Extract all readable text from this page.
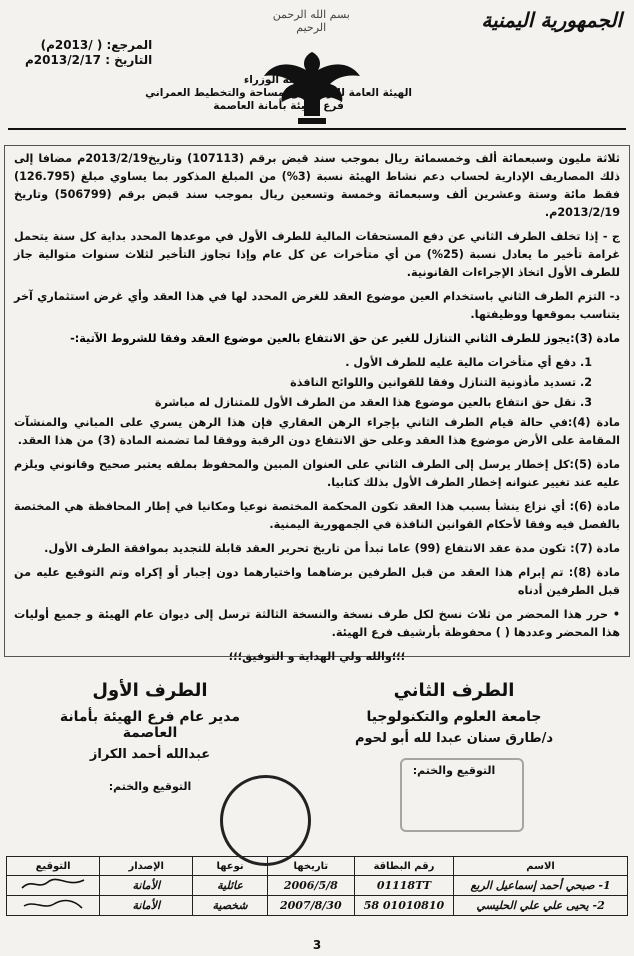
الجمهورية اليمنية
بسم الله الرحمن الرحيم
المرجع: ( /2013م)
التاريخ : 2013/2/17م
رئاسة الوزراء
الهيئة العامة للأراضي والمساحة والتخطيط العمراني
فرع الهيئة بأمانة العاصمة

ثلاثة مليون وسبعمائة ألف وخمسمائة ريال بموجب سند قبض برقم (107113) وتاريخ2013/2/19م مضافا إلى ذلك المصاريف الإدارية لحساب دعم نشاط الهيئة نسبة (3%) من المبلغ المذكور بما يساوي مبلغ (126.795) فقط مائة وستة وعشرين ألف وسبعمائة وخمسة وتسعين ريال بموجب سند قبض برقم (506799) وتاريخ 2013/2/19م.

ج - إذا تخلف الطرف الثاني عن دفع المستحقات المالية للطرف الأول في موعدها المحدد بداية كل سنة يتحمل غرامة تأخير ما يعادل نسبة (25%) من أي متأخرات عن كل عام وإذا تجاوز التأخير لثلاث سنوات متوالية جاز للطرف الأول اتخاذ الإجراءات القانونية.

د- التزم الطرف الثاني باستخدام العين موضوع العقد للغرض المحدد لها في هذا العقد وأي غرض استثماري آخر يتناسب بموقعها ووظيفتها.

مادة (3):يجوز للطرف الثاني التنازل للغير عن حق الانتفاع بالعين موضوع العقد وفقا للشروط الآتية:-

1. دفع أي متأخرات مالية عليه للطرف الأول .
2. تسديد مأذونية التنازل وفقا للقوانين واللوائح النافذة
3. نقل حق انتفاع بالعين موضوع هذا العقد من الطرف الأول للمتنازل له مباشرة

مادة (4):في حالة قيام الطرف الثاني بإجراء الرهن العقاري فإن هذا الرهن يسري على المباني والمنشآت المقامة على الأرض موضوع هذا العقد وعلى حق الانتفاع دون الرقبة ووفقا لما تضمنه المادة (3) من هذا العقد.

مادة (5):كل إخطار يرسل إلى الطرف الثاني على العنوان المبين والمحفوظ بملفه يعتبر صحيح وقانوني ويلزم عليه عند تغيير عنوانه إخطار الطرف الأول بذلك كتابيا.

مادة (6): أي نزاع ينشأ بسبب هذا العقد تكون المحكمة المختصة نوعيا ومكانيا في إطار المحافظة هي المختصة بالفصل فيه وفقا لأحكام القوانين النافذة في الجمهورية اليمنية.

مادة (7): تكون مدة عقد الانتفاع (99) عاما تبدأ من تاريخ تحرير العقد قابلة للتجديد بموافقة الطرف الأول.

مادة (8): تم إبرام هذا العقد من قبل الطرفين برضاهما واختيارهما دون إجبار أو إكراه وتم التوقيع عليه من قبل الطرفين أدناه

• حرر هذا المحضر من ثلاث نسخ لكل طرف نسخة والنسخة الثالثة ترسل إلى ديوان عام الهيئة و جميع أوليات هذا المحضر وعددها ( ) محفوظة بأرشيف فرع الهيئة.

؛؛؛والله ولي الهداية و التوفيق؛؛؛

الطرف الثاني
جامعة العلوم والتكنولوجيا
د/طارق سنان عبدا لله أبو لحوم
التوقيع والختم:
الطرف الأول
مدير عام فرع الهيئة بأمانة العاصمة
عبدالله أحمد الكراز
التوقيع والختم:
الاسم	رقم البطاقة	تاريخها	نوعها	الإصدار	التوقيع
1- صبحي أحمد إسماعيل الربع	01118TT	2006/5/8	عائلية	الأمانة	
2- يحيى علي علي الحليسي	01010810 58	2007/8/30	شخصية	الأمانة	
3
